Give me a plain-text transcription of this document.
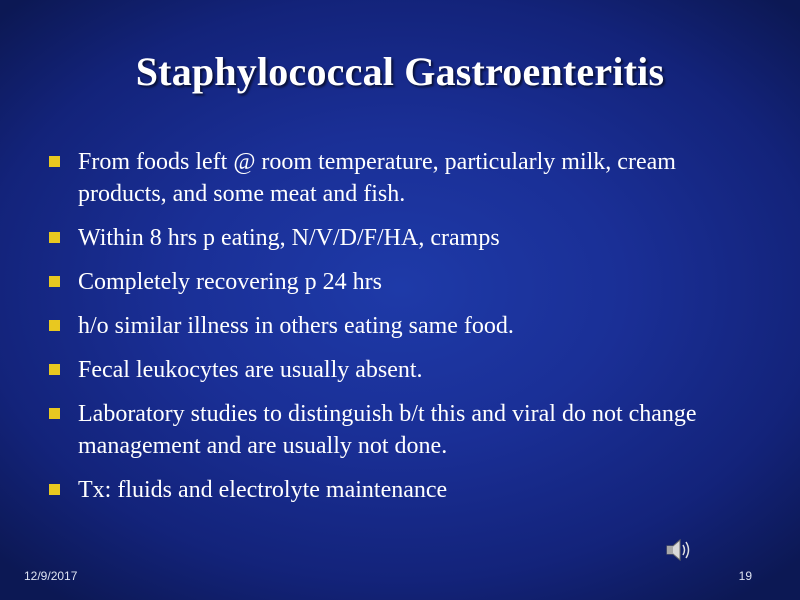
Staphylococcal Gastroenteritis
From foods left @ room temperature, particularly milk, cream products, and some meat and fish.
Within 8 hrs p eating, N/V/D/F/HA, cramps
Completely recovering p 24 hrs
h/o similar illness in others eating same food.
Fecal leukocytes are usually absent.
Laboratory studies to distinguish b/t this and viral do not change management and are usually not done.
Tx: fluids and electrolyte maintenance
12/9/2017	19
